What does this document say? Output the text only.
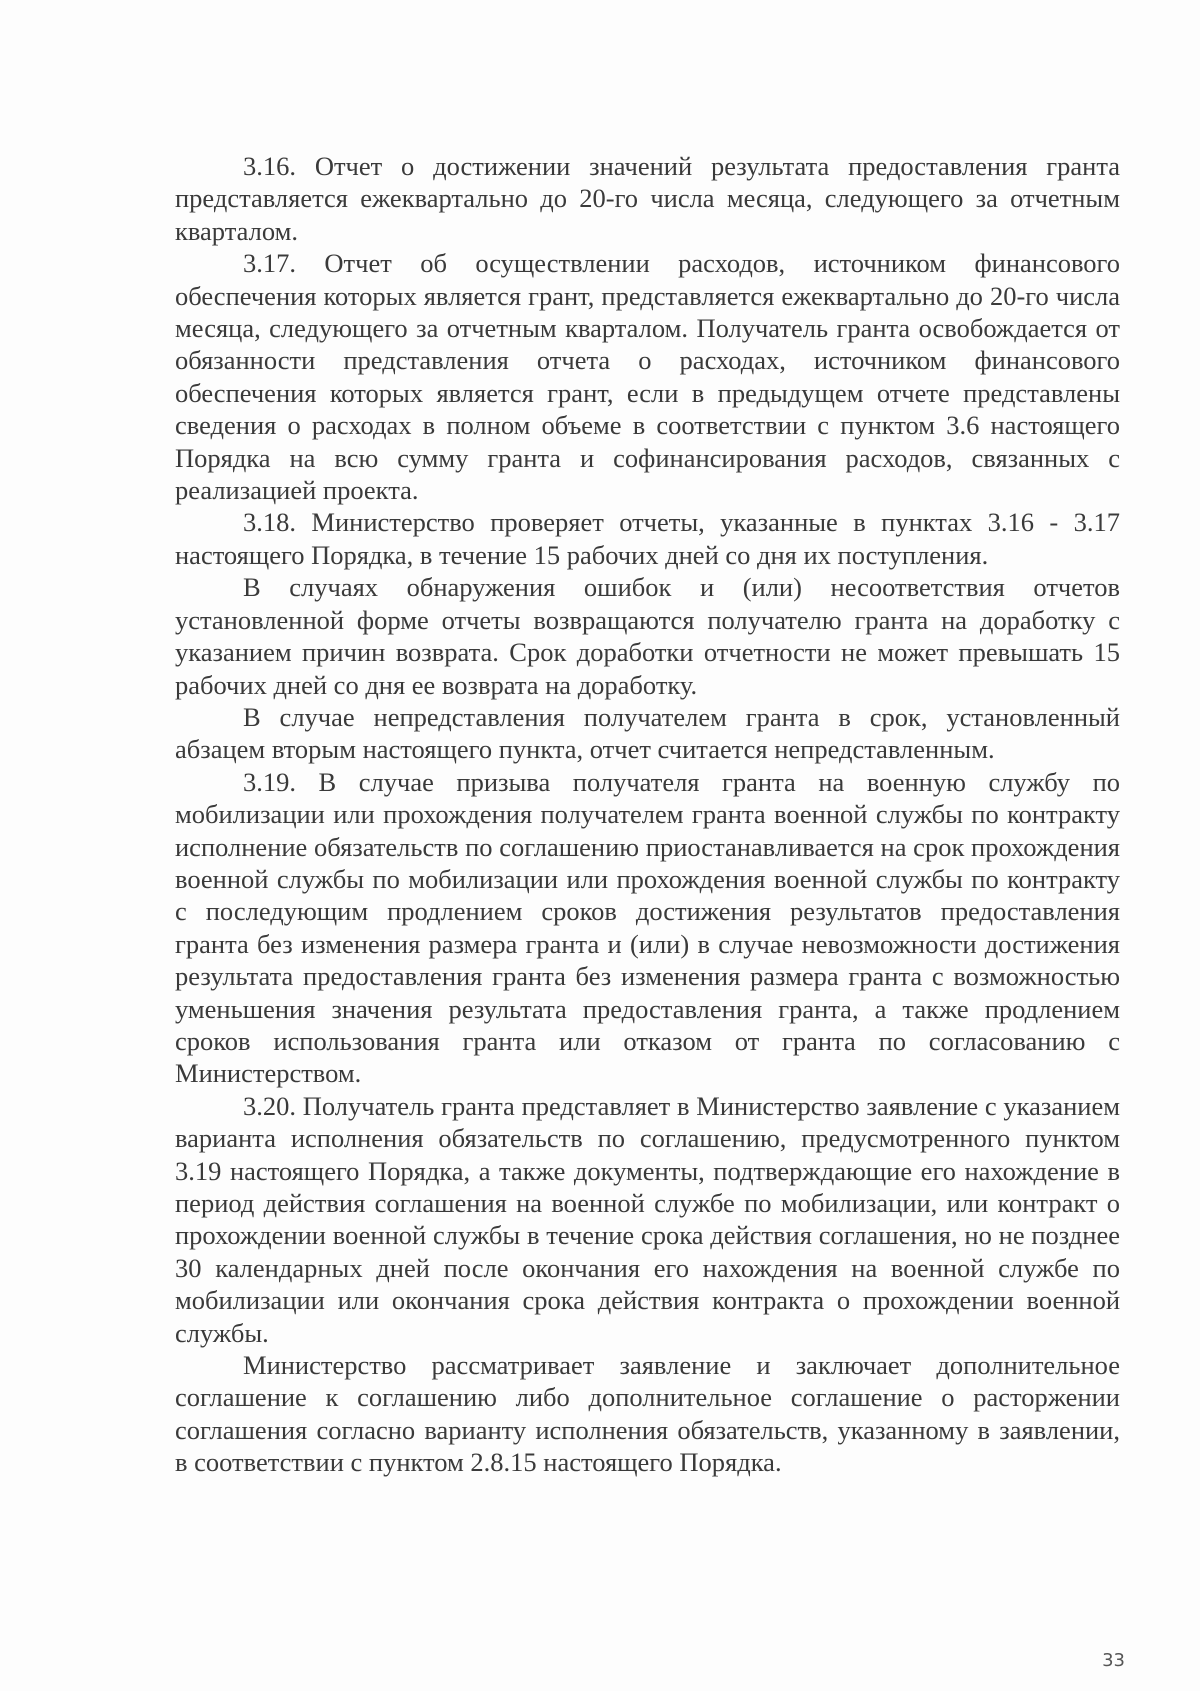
3.16. Отчет о достижении значений результата предоставления гранта представляется ежеквартально до 20-го числа месяца, следующего за отчетным кварталом.

3.17. Отчет об осуществлении расходов, источником финансового обеспечения которых является грант, представляется ежеквартально до 20-го числа месяца, следующего за отчетным кварталом. Получатель гранта освобождается от обязанности представления отчета о расходах, источником финансового обеспечения которых является грант, если в предыдущем отчете представлены сведения о расходах в полном объеме в соответствии с пунктом 3.6 настоящего Порядка на всю сумму гранта и софинансирования расходов, связанных с реализацией проекта.

3.18. Министерство проверяет отчеты, указанные в пунктах 3.16 - 3.17 настоящего Порядка, в течение 15 рабочих дней со дня их поступления.

В случаях обнаружения ошибок и (или) несоответствия отчетов установленной форме отчеты возвращаются получателю гранта на доработку с указанием причин возврата. Срок доработки отчетности не может превышать 15 рабочих дней со дня ее возврата на доработку.

В случае непредставления получателем гранта в срок, установленный абзацем вторым настоящего пункта, отчет считается непредставленным.

3.19. В случае призыва получателя гранта на военную службу по мобилизации или прохождения получателем гранта военной службы по контракту исполнение обязательств по соглашению приостанавливается на срок прохождения военной службы по мобилизации или прохождения военной службы по контракту с последующим продлением сроков достижения результатов предоставления гранта без изменения размера гранта и (или) в случае невозможности достижения результата предоставления гранта без изменения размера гранта с возможностью уменьшения значения результата предоставления гранта, а также продлением сроков использования гранта или отказом от гранта по согласованию с Министерством.

3.20. Получатель гранта представляет в Министерство заявление с указанием варианта исполнения обязательств по соглашению, предусмотренного пунктом 3.19 настоящего Порядка, а также документы, подтверждающие его нахождение в период действия соглашения на военной службе по мобилизации, или контракт о прохождении военной службы в течение срока действия соглашения, но не позднее 30 календарных дней после окончания его нахождения на военной службе по мобилизации или окончания срока действия контракта о прохождении военной службы.

Министерство рассматривает заявление и заключает дополнительное соглашение к соглашению либо дополнительное соглашение о расторжении соглашения согласно варианту исполнения обязательств, указанному в заявлении, в соответствии с пунктом 2.8.15 настоящего Порядка.

33
